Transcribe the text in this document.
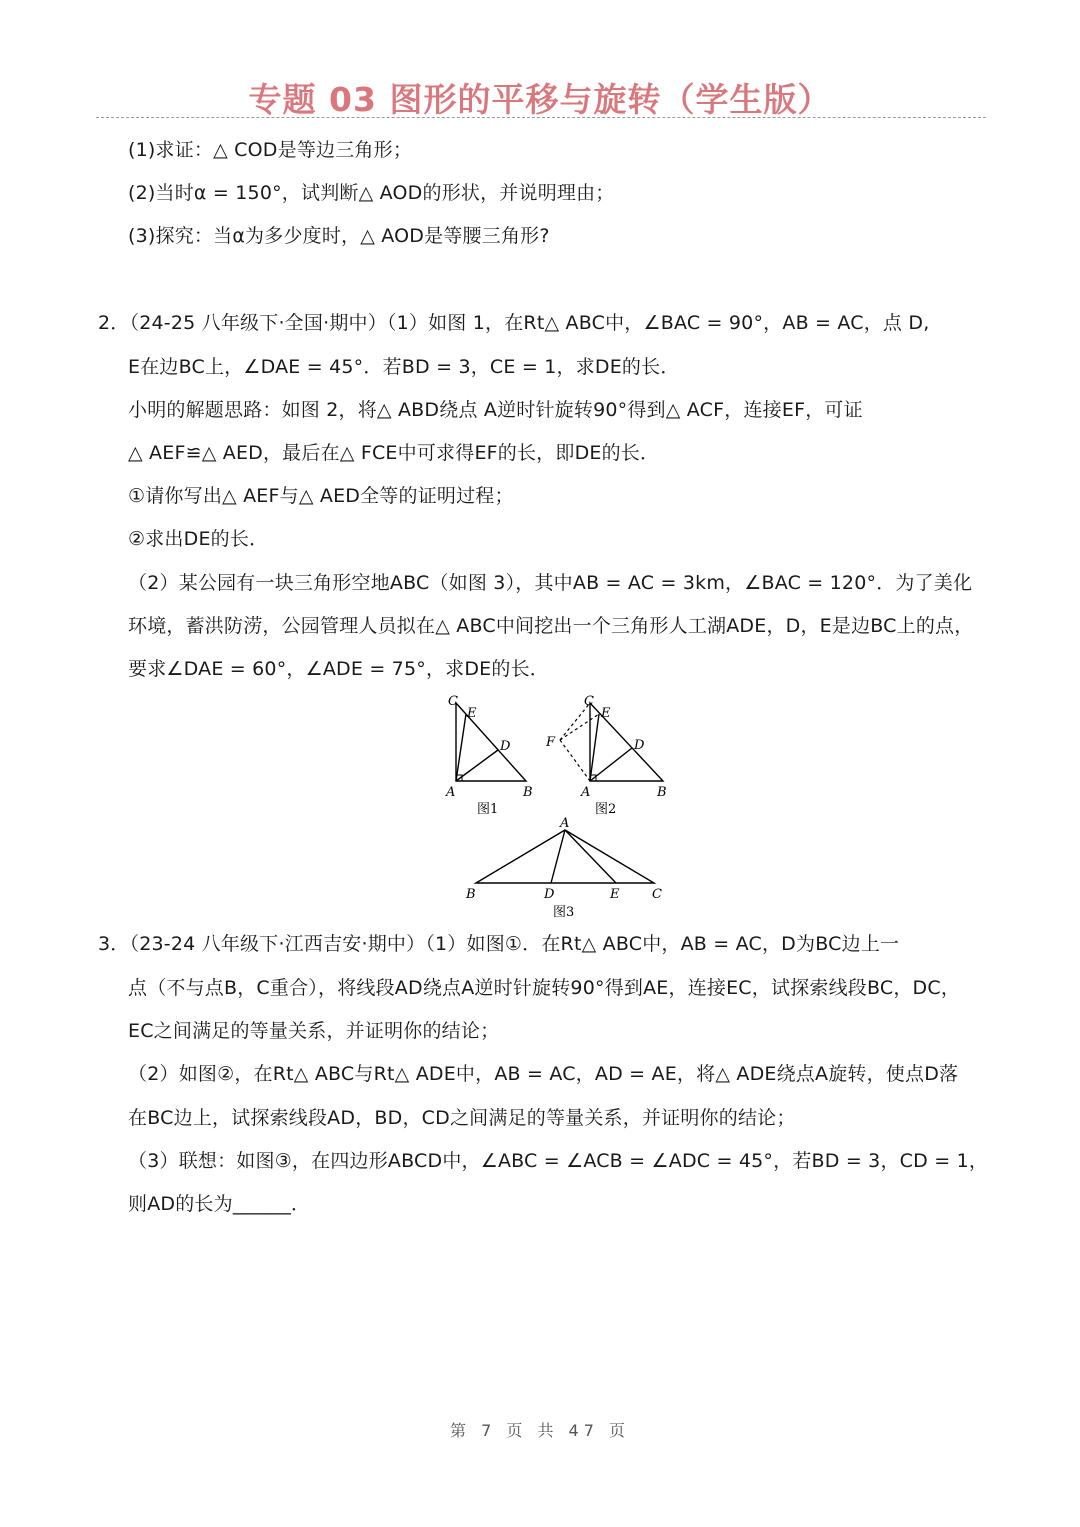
专题 03 图形的平移与旋转（学生版）
(1)求证：△ COD是等边三角形；
(2)当时α = 150°，试判断△ AOD的形状，并说明理由；
(3)探究：当α为多少度时，△ AOD是等腰三角形?
2．（24-25 八年级下·全国·期中）（1）如图 1，在Rt△ ABC中，∠BAC = 90°，AB = AC，点 D,
E在边BC上，∠DAE = 45°．若BD = 3，CE = 1，求DE的长．
小明的解题思路：如图 2，将△ ABD绕点 A逆时针旋转90°得到△ ACF，连接EF，可证
△ AEF≌△ AED，最后在△ FCE中可求得EF的长，即DE的长．
①请你写出△ AEF与△ AED全等的证明过程；
②求出DE的长．
（2）某公园有一块三角形空地ABC（如图 3），其中AB = AC = 3km，∠BAC = 120°．为了美化
环境，蓄洪防涝，公园管理人员拟在△ ABC中间挖出一个三角形人工湖ADE，D，E是边BC上的点，
要求∠DAE = 60°，∠ADE = 75°，求DE的长．
C
E
D
A	B
图1
C
E
D
F
A	B
图2
A
B	D	E	C
图3
3．（23-24 八年级下·江西吉安·期中）（1）如图①．在Rt△ ABC中，AB = AC，D为BC边上一
点（不与点B，C重合），将线段AD绕点A逆时针旋转90°得到AE，连接EC，试探索线段BC，DC，
EC之间满足的等量关系，并证明你的结论；
（2）如图②，在Rt△ ABC与Rt△ ADE中，AB = AC，AD = AE，将△ ADE绕点A旋转，使点D落
在BC边上，试探索线段AD，BD，CD之间满足的等量关系，并证明你的结论；
（3）联想：如图③，在四边形ABCD中，∠ABC = ∠ACB = ∠ADC = 45°，若BD = 3，CD = 1，
则AD的长为______．
第 7 页 共 47 页
